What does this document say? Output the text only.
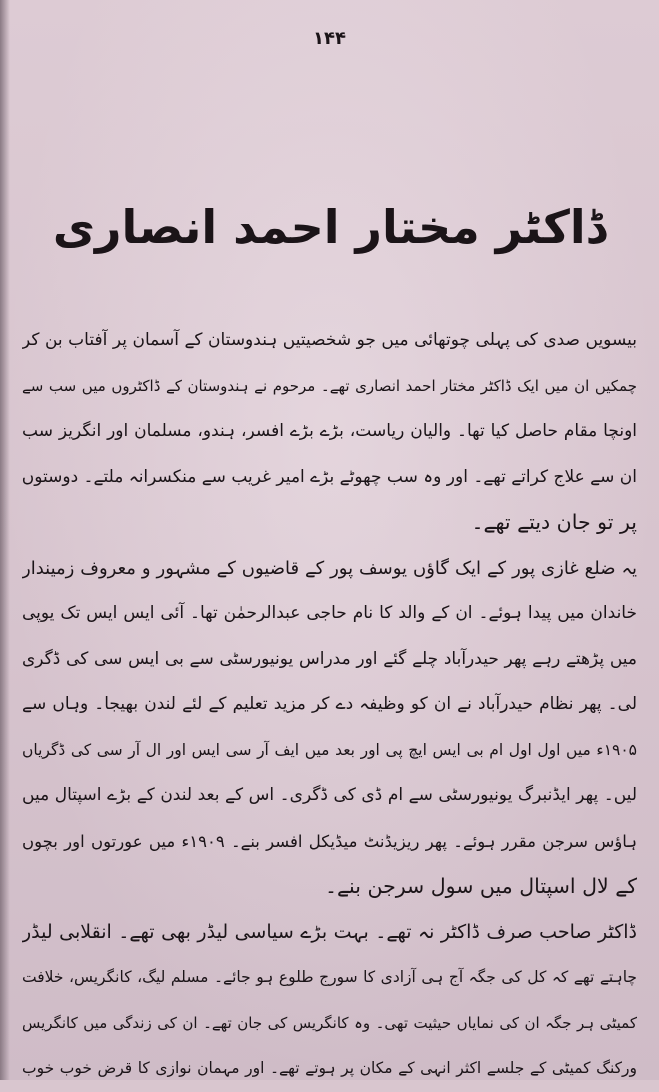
۱۴۴
ڈاکٹر مختار احمد انصاری
بیسویں صدی کی پہلی چوتھائی میں جو شخصیتیں ہندوستان کے آسمان پر آفتاب بن کر
چمکیں ان میں ایک ڈاکٹر مختار احمد انصاری تھے۔ مرحوم نے ہندوستان کے ڈاکٹروں میں سب سے
اونچا مقام حاصل کیا تھا۔ والیان ریاست، بڑے بڑے افسر، ہندو، مسلمان اور انگریز سب
ان سے علاج کراتے تھے۔ اور وہ سب چھوٹے بڑے امیر غریب سے منکسرانہ ملتے۔ دوستوں
پر تو جان دیتے تھے۔
یہ ضلع غازی پور کے ایک گاؤں یوسف پور کے قاضیوں کے مشہور و معروف زمیندار
خاندان میں پیدا ہوئے۔ ان کے والد کا نام حاجی عبدالرحمٰن تھا۔ آئی ایس ایس تک یوپی
میں پڑھتے رہے پھر حیدرآباد چلے گئے اور مدراس یونیورسٹی سے بی ایس سی کی ڈگری
لی۔ پھر نظام حیدرآباد نے ان کو وظیفہ دے کر مزید تعلیم کے لئے لندن بھیجا۔ وہاں سے
۱۹۰۵ء میں اول اول ام بی ایس ایچ پی اور بعد میں ایف آر سی ایس اور ال آر سی کی ڈگریاں
لیں۔ پھر ایڈنبرگ یونیورسٹی سے ام ڈی کی ڈگری۔ اس کے بعد لندن کے بڑے اسپتال میں
ہاؤس سرجن مقرر ہوئے۔ پھر ریزیڈنٹ میڈیکل افسر بنے۔ ۱۹۰۹ء میں عورتوں اور بچوں
کے لال اسپتال میں سول سرجن بنے۔
ڈاکٹر صاحب صرف ڈاکٹر نہ تھے۔ بہت بڑے سیاسی لیڈر بھی تھے۔ انقلابی لیڈر
چاہتے تھے کہ کل کی جگہ آج ہی آزادی کا سورج طلوع ہو جائے۔ مسلم لیگ، کانگریس، خلافت
کمیٹی ہر جگہ ان کی نمایاں حیثیت تھی۔ وہ کانگریس کی جان تھے۔ ان کی زندگی میں کانگریس
ورکنگ کمیٹی کے جلسے اکثر انہی کے مکان پر ہوتے تھے۔ اور مہمان نوازی کا قرض خوب خوب
